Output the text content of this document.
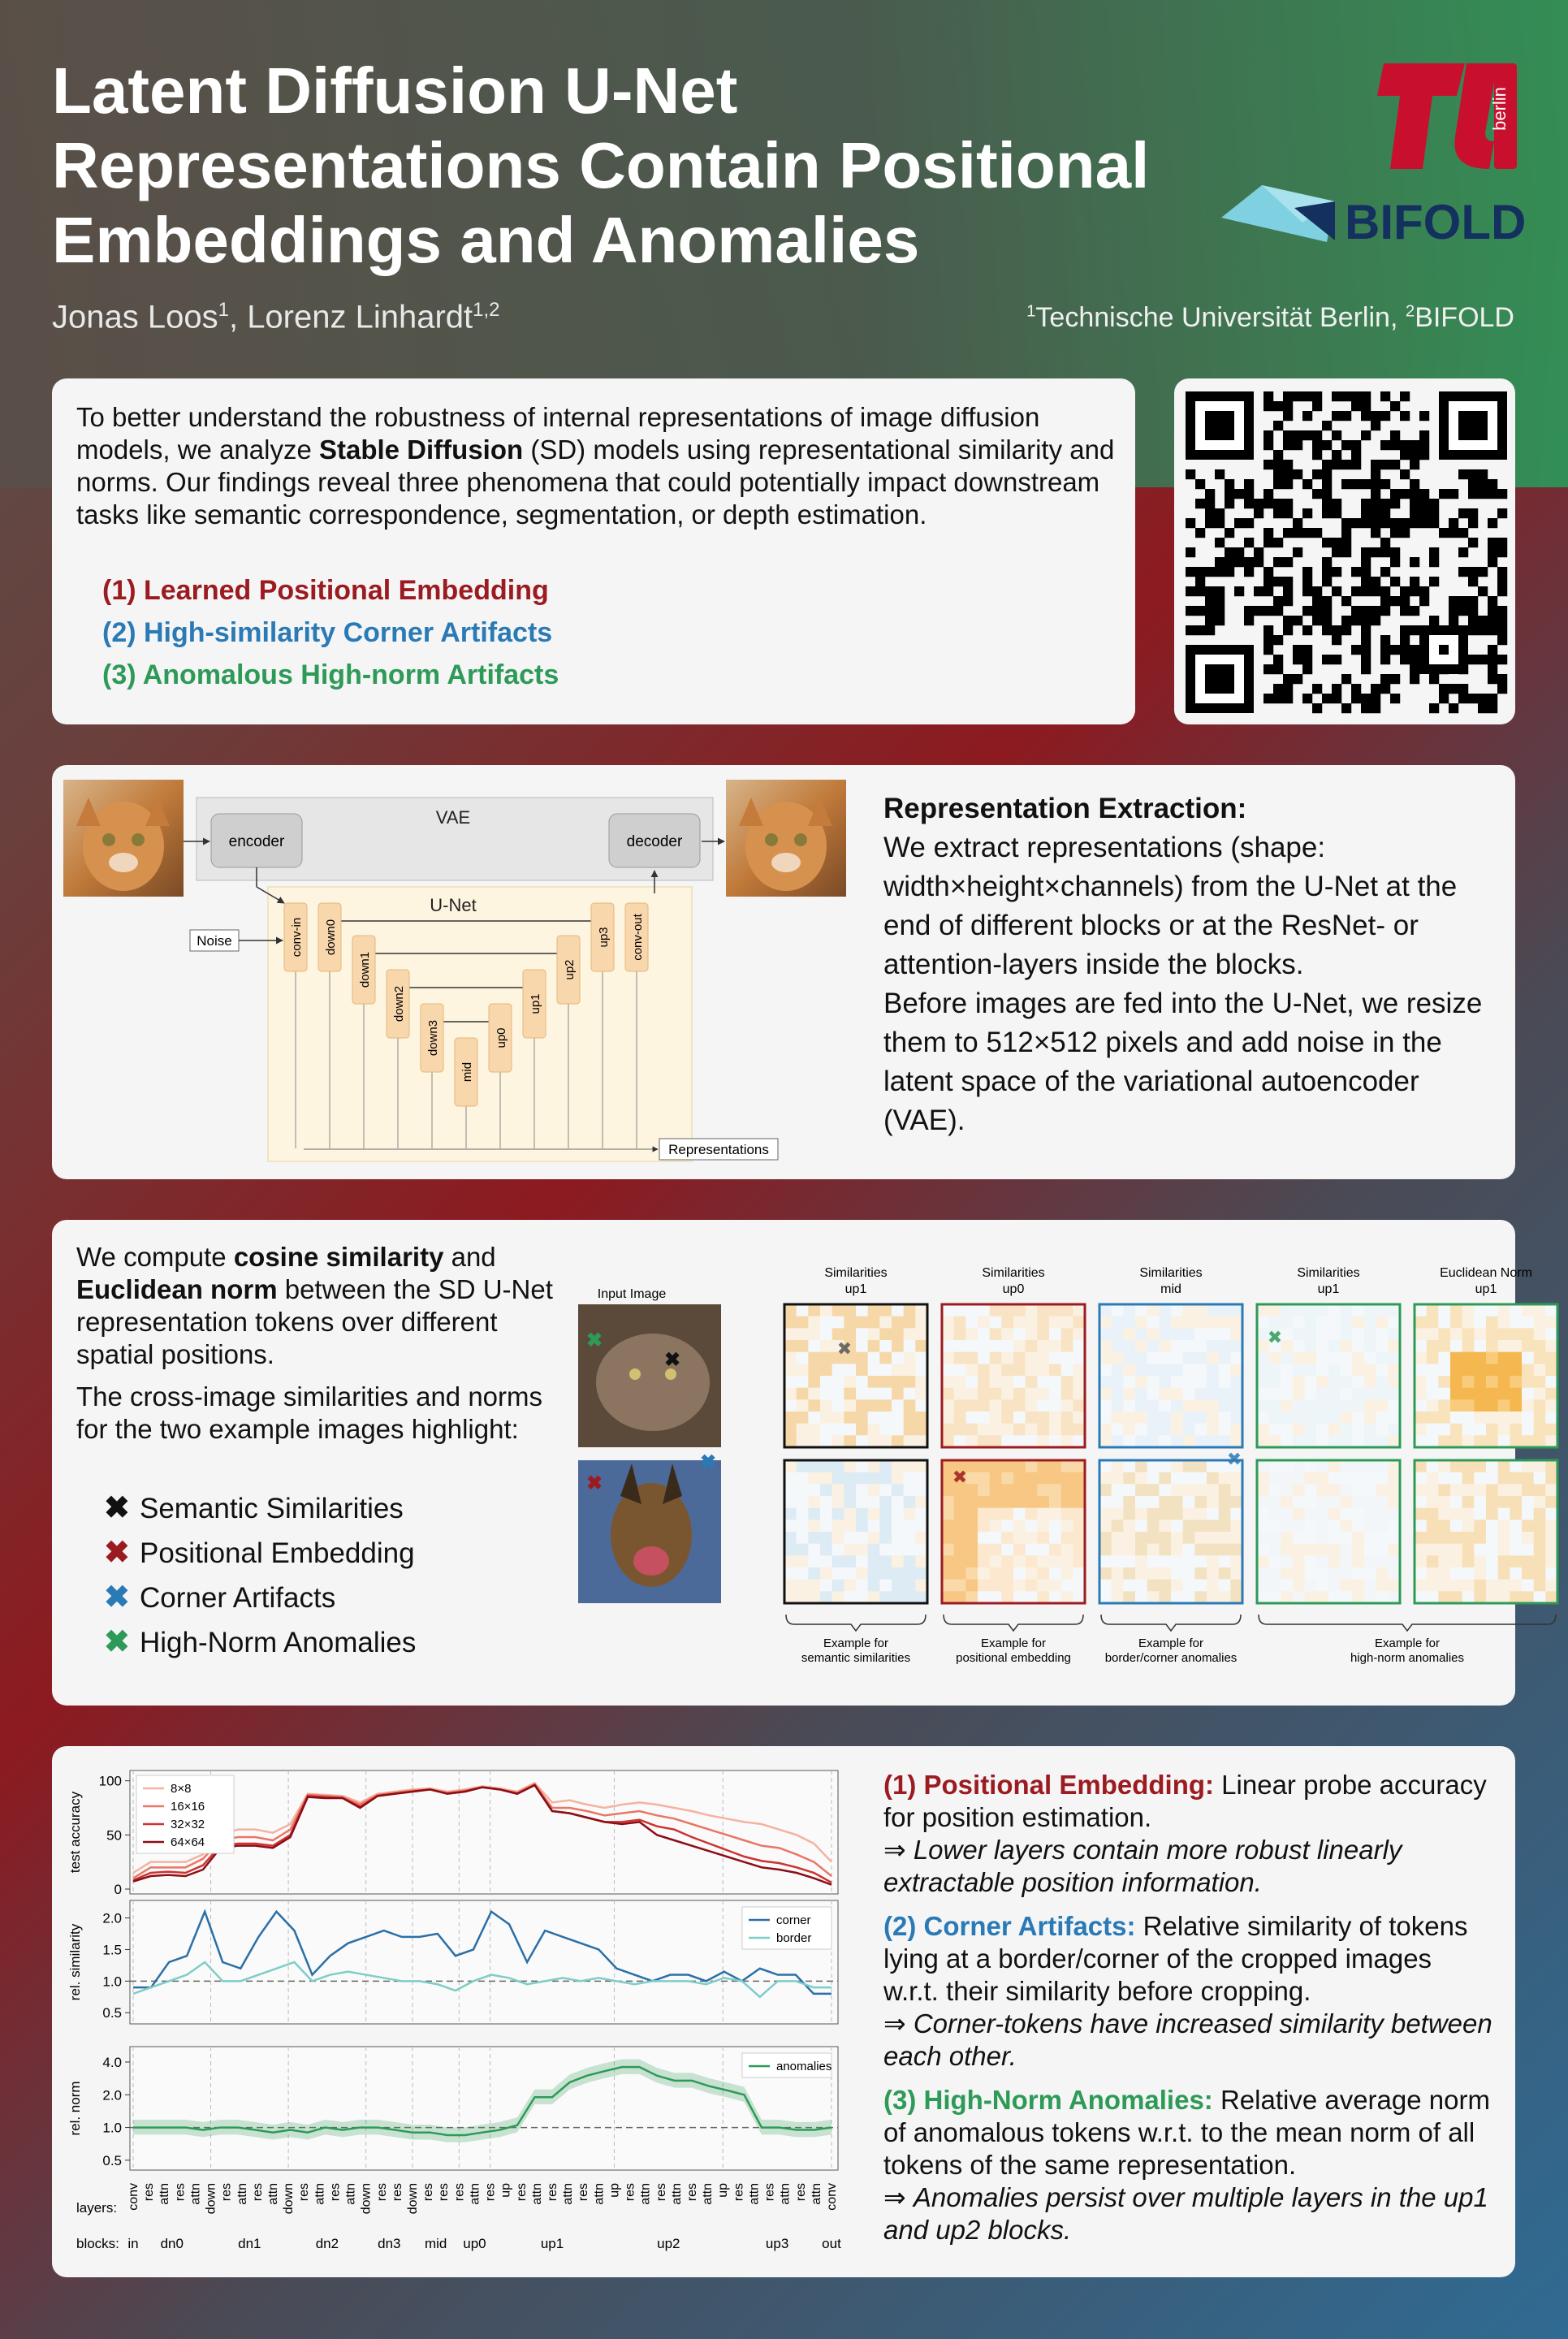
Latent Diffusion U-Net
Representations Contain Positional
Embeddings and Anomalies
berlin
BIFOLD
Jonas Loos$^1$, Lorenz Linhardt$^{1,2}$	$^1$Technische Universität Berlin, $^2$BIFOLD
To better understand the robustness of internal representations of image diffusion models, we analyze Stable Diffusion (SD) models using representational similarity and norms. Our findings reveal three phenomena that could potentially impact downstream tasks like semantic correspondence, segmentation, or depth estimation.
(1) Learned Positional Embedding
(2) High-similarity Corner Artifacts
(3) Anomalous High-norm Artifacts
VAE
encoder	decoder
U-Net
Noise	conv-in down0
down1
down2
down3
mid
up0
up1
up2
up3 conv-out
Representations
Representation Extraction:
We extract representations (shape: width×height×channels) from the U-Net at the end of different blocks or at the ResNet- or attention-layers inside the blocks.
Before images are fed into the U-Net, we resize them to 512×512 pixels and add noise in the latent space of the variational autoencoder (VAE).
We compute cosine similarity and Euclidean norm between the SD U-Net representation tokens over different spatial positions.
The cross-image similarities and norms for the two example images highlight:
✖ Semantic Similarities
✖ Positional Embedding
✖ Corner Artifacts
✖ High-Norm Anomalies
Input Image
Similarities
up1
Similarities
up0
Similarities
mid
Similarities
up1
Euclidean Norm
up1
✖
✖
✖
✖
✖
✖
✖
✖
Example for
semantic similarities
Example for
positional embedding
Example for
border/corner anomalies
Example for
high-norm anomalies
0
50
100
test accuracy
8×8
16×16
32×32
64×64
0.5
1.0
1.5
2.0
rel. similarity
corner
border
0.5
1.0
2.0
4.0
rel. norm
anomalies
layers:
blocks:
conv res attn res attn down res attn res attn down res attn res attn down res res down res res res attn res up res attn res attn res attn up res attn res attn res attn up res attn res attn res attn conv
in dn0	dn1	dn2	dn3 mid up0	up1	up2	up3 out

(1) Positional Embedding: Linear probe accuracy for position estimation.
⇒ Lower layers contain more robust linearly extractable position information.

(2) Corner Artifacts: Relative similarity of tokens lying at a border/corner of the cropped images w.r.t. their similarity before cropping.
⇒ Corner-tokens have increased similarity between each other.

(3) High-Norm Anomalies: Relative average norm of anomalous tokens w.r.t. to the mean norm of all tokens of the same representation.
⇒ Anomalies persist over multiple layers in the up1 and up2 blocks.
